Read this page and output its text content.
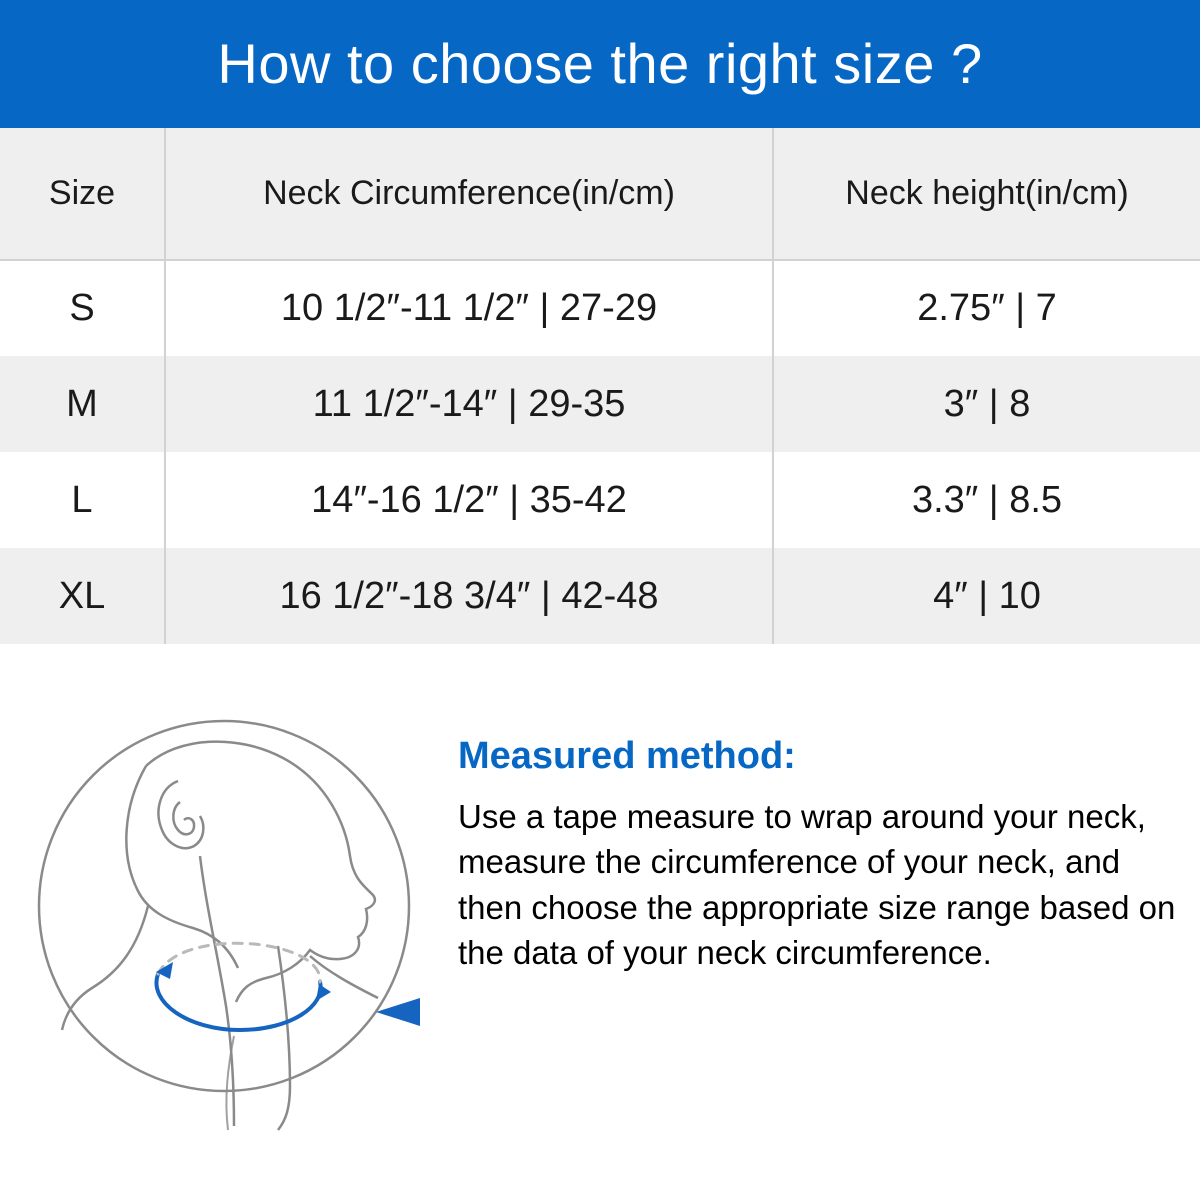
How to choose the right size ?
Size	Neck Circumference(in/cm)	Neck height(in/cm)
S	10 1/2″-11 1/2″ | 27-29	2.75″ | 7
M	11 1/2″-14″ | 29-35	3″ | 8
L	14″-16 1/2″ | 35-42	3.3″ | 8.5
XL	16 1/2″-18 3/4″ | 42-48	4″ | 10

Measured method:

Use a tape measure to wrap around your neck, measure the circumference of your neck, and then choose the appropriate size range based on the data of your neck circumference.
